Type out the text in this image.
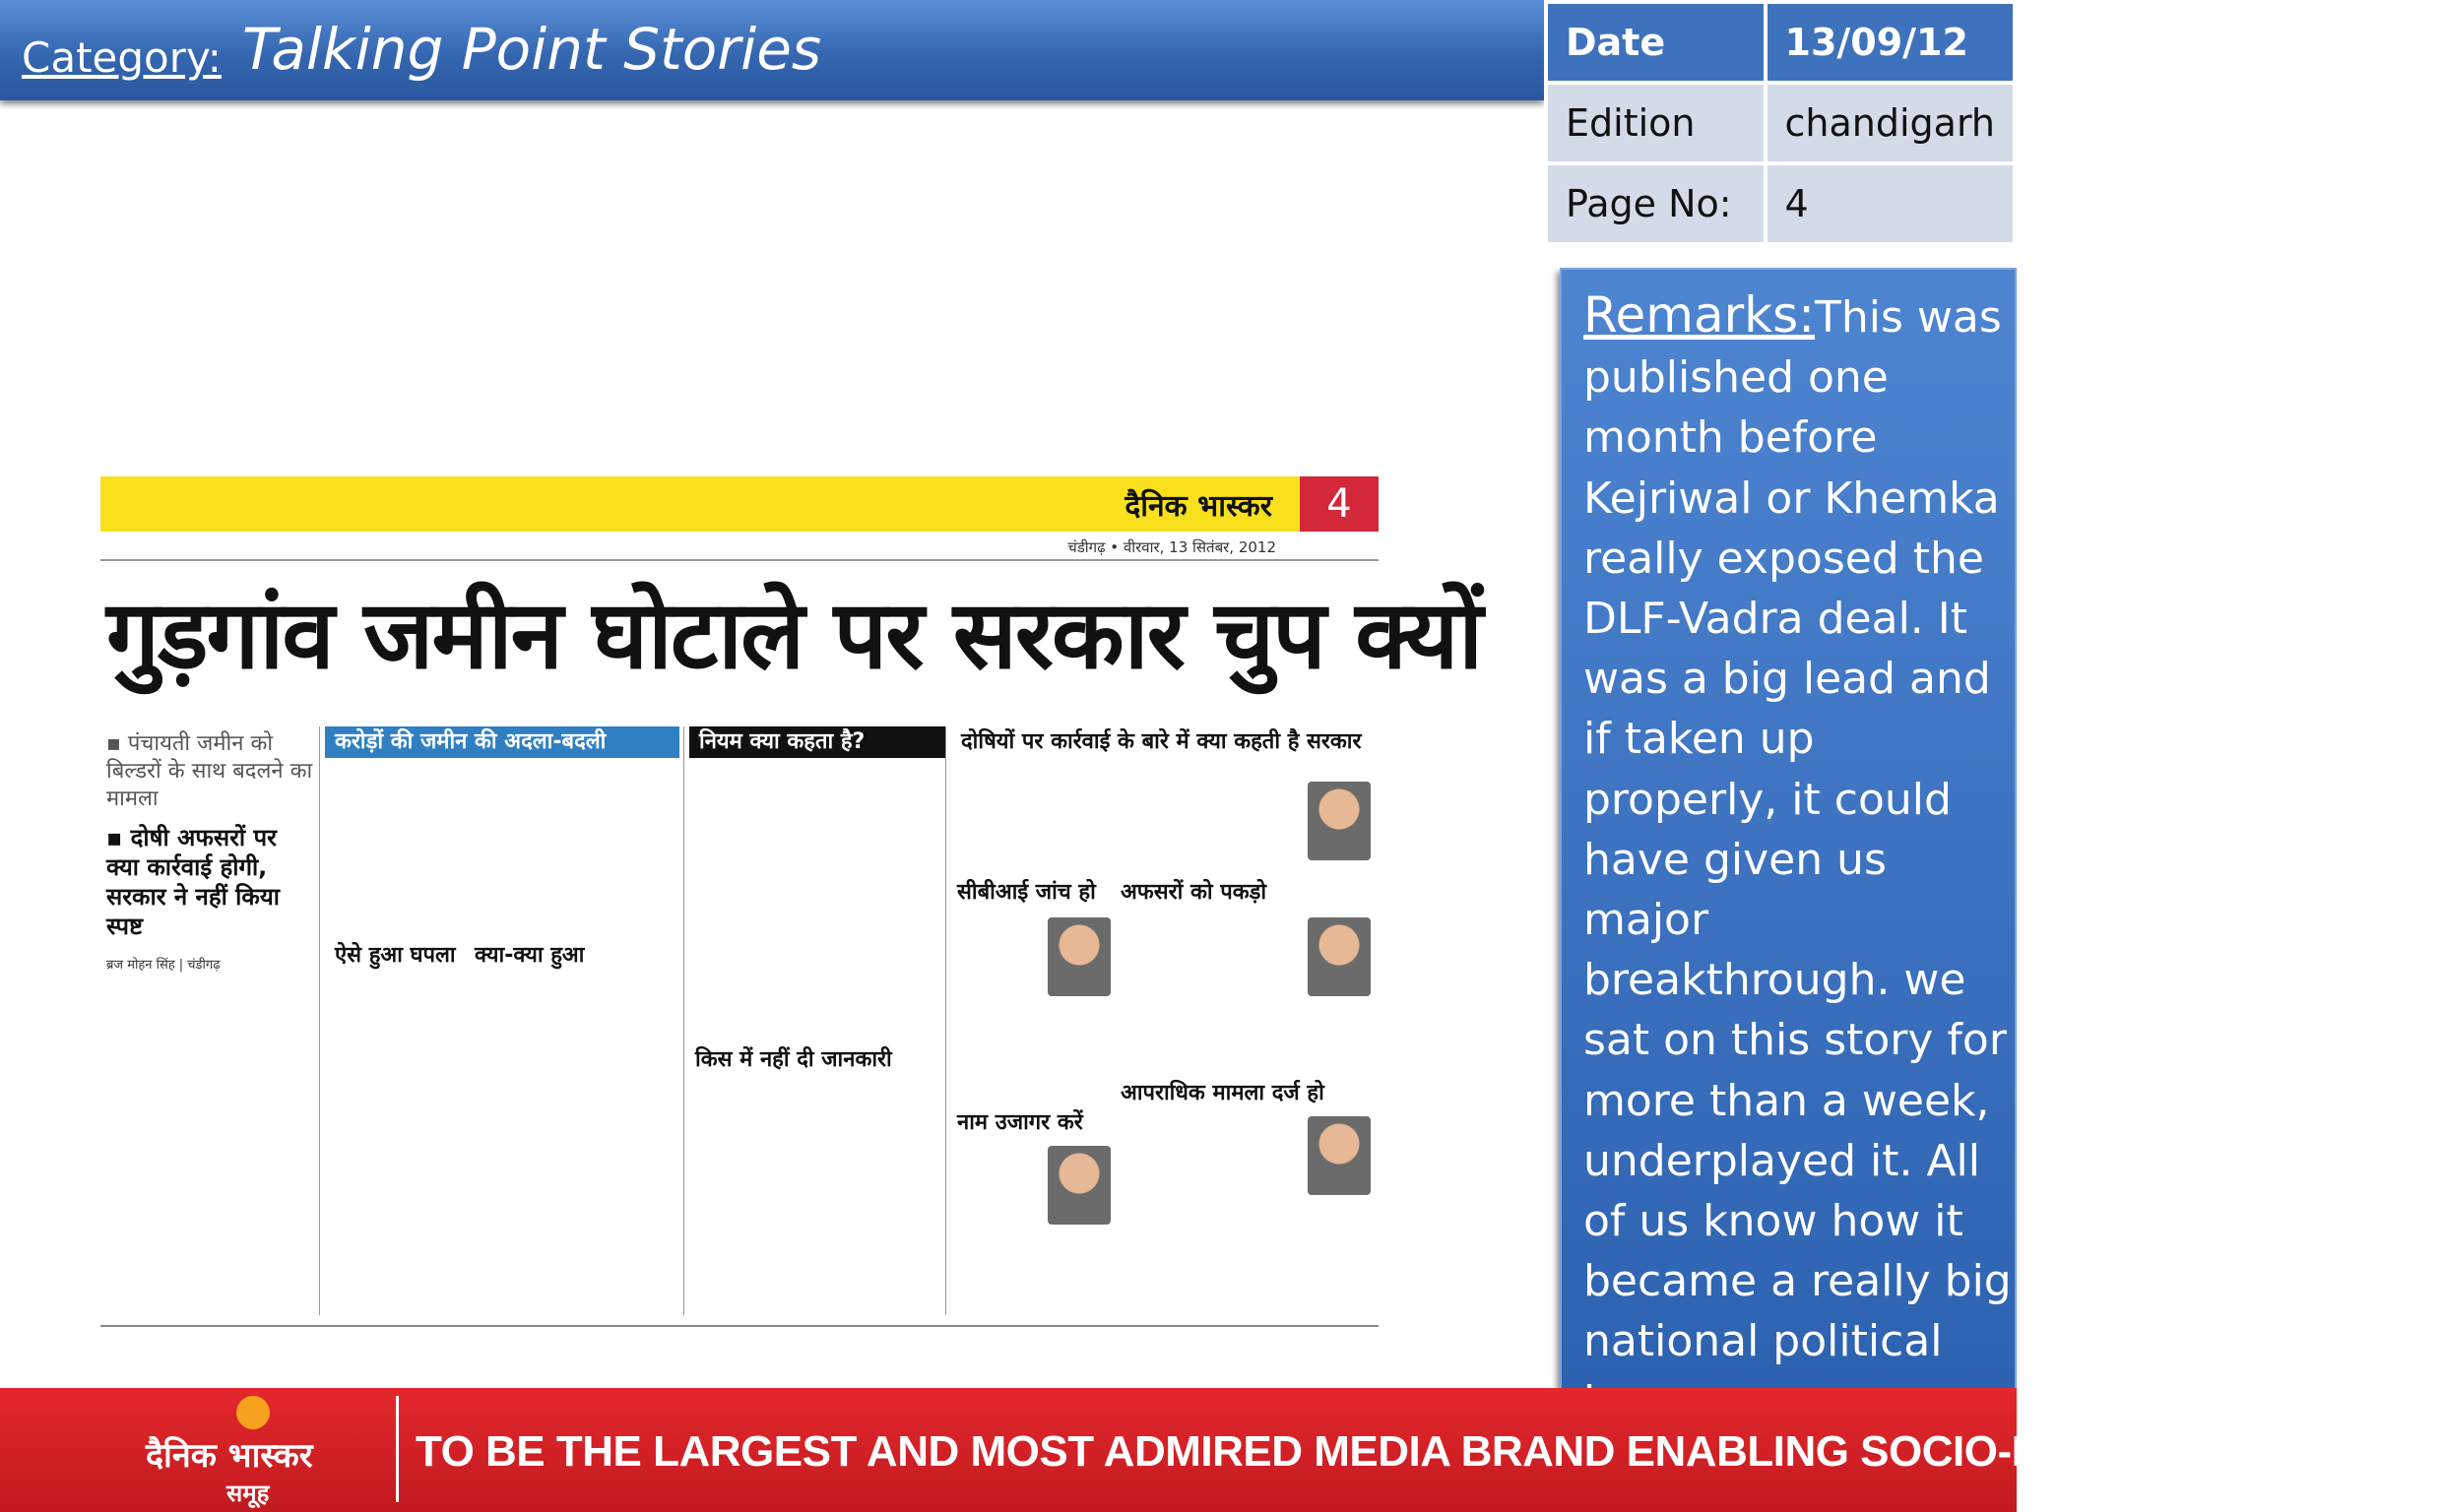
Category: Talking Point Stories	Date	13/09/12
Edition	chandigarh
Page No:	4
Remarks:This was published one month before Kejriwal or Khemka really exposed the DLF-Vadra deal. It was a big lead and if taken up properly, it could have given us major breakthrough. we sat on this story for more than a week, underplayed it. All of us know how it became a really big national political
दैनिक भास्कर	4
चंडीगढ़ • वीरवार, 13 सितंबर, 2012
गुड़गांव जमीन घोटाले पर सरकार चुप क्यों
▪ पंचायती जमीन को बिल्डरों के साथ बदलने का मामला
▪ दोषी अफसरों पर क्या कार्रवाई होगी, सरकार ने नहीं किया स्पष्ट
ब्रज मोहन सिंह | चंडीगढ़
करोड़ों की जमीन की अदला-बदली	नियम क्या कहता है?	दोषियों पर कार्रवाई के बारे में क्या कहती है सरकार
ऐसे हुआ घपला क्या-क्या हुआ
किस में नहीं दी जानकारी
सीबीआई जांच हो अफसरों को पकड़ो
नाम उजागर करें
आपराधिक मामला दर्ज हो
दैनिक भास्कर
समूह
TO BE THE LARGEST AND MOST ADMIRED MEDIA BRAND ENABLING SOCIO-ECONOMIC CHANGE
